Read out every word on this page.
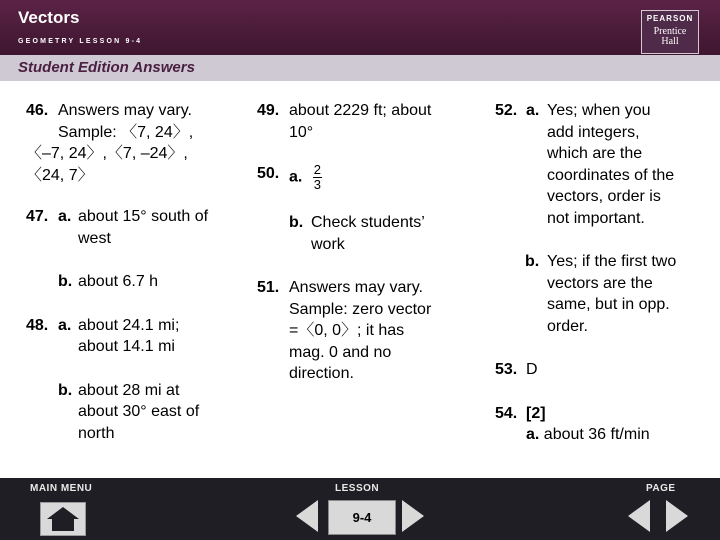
Vectors
GEOMETRY LESSON 9-4
PEARSON
Prentice
Hall
Student Edition Answers
46. Answers may vary.
Sample: 〈7, 24〉,
〈–7, 24〉,〈7, –24〉,
〈24, 7〉
47. a. about 15° south of
west
b. about 6.7 h
48. a. about 24.1 mi;
about 14.1 mi
b. about 28 mi at
about 30° east of
north
49. about 2229 ft; about
10°
50. a. $\frac{2}{3}$
b. Check students’
work
51. Answers may vary.
Sample: zero vector
=〈0, 0〉; it has
mag. 0 and no
direction.
52. a. Yes; when you
add integers,
which are the
coordinates of the
vectors, order is
not important.
b. Yes; if the first two
vectors are the
same, but in opp.
order.
53. D
54. [2]
a. about 36 ft/min
MAIN MENU	LESSON	PAGE
9-4
